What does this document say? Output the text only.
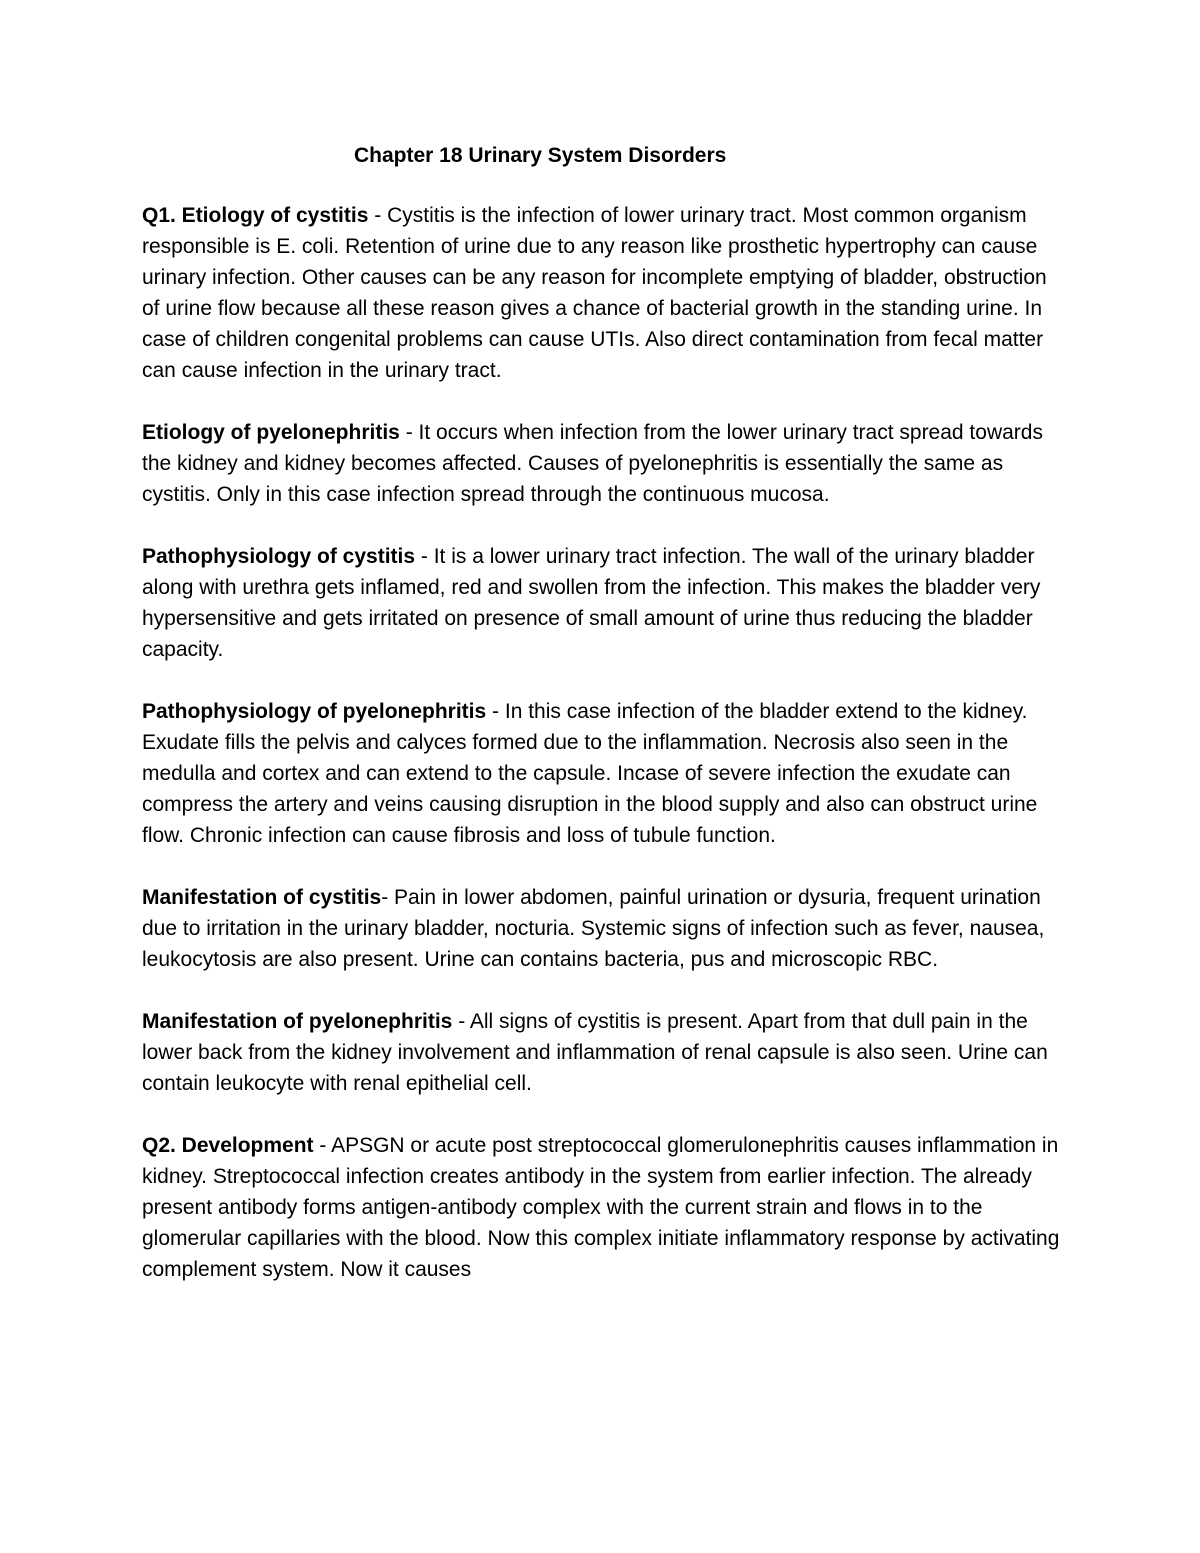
Chapter 18 Urinary System Disorders

Q1. Etiology of cystitis - Cystitis is the infection of lower urinary tract. Most common organism responsible is E. coli. Retention of urine due to any reason like prosthetic hypertrophy can cause urinary infection. Other causes can be any reason for incomplete emptying of bladder, obstruction of urine flow because all these reason gives a chance of bacterial growth in the standing urine. In case of children congenital problems can cause UTIs. Also direct contamination from fecal matter can cause infection in the urinary tract.

Etiology of pyelonephritis - It occurs when infection from the lower urinary tract spread towards the kidney and kidney becomes affected. Causes of pyelonephritis is essentially the same as cystitis. Only in this case infection spread through the continuous mucosa.

Pathophysiology of cystitis - It is a lower urinary tract infection. The wall of the urinary bladder along with urethra gets inflamed, red and swollen from the infection. This makes the bladder very hypersensitive and gets irritated on presence of small amount of urine thus reducing the bladder capacity.

Pathophysiology of pyelonephritis - In this case infection of the bladder extend to the kidney. Exudate fills the pelvis and calyces formed due to the inflammation. Necrosis also seen in the medulla and cortex and can extend to the capsule. Incase of severe infection the exudate can compress the artery and veins causing disruption in the blood supply and also can obstruct urine flow. Chronic infection can cause fibrosis and loss of tubule function.

Manifestation of cystitis- Pain in lower abdomen, painful urination or dysuria, frequent urination due to irritation in the urinary bladder, nocturia. Systemic signs of infection such as fever, nausea, leukocytosis are also present. Urine can contains bacteria, pus and microscopic RBC.

Manifestation of pyelonephritis - All signs of cystitis is present. Apart from that dull pain in the lower back from the kidney involvement and inflammation of renal capsule is also seen. Urine can contain leukocyte with renal epithelial cell.

Q2. Development - APSGN or acute post streptococcal glomerulonephritis causes inflammation in kidney. Streptococcal infection creates antibody in the system from earlier infection. The already present antibody forms antigen-antibody complex with the current strain and flows in to the glomerular capillaries with the blood. Now this complex initiate inflammatory response by activating complement system. Now it causes
